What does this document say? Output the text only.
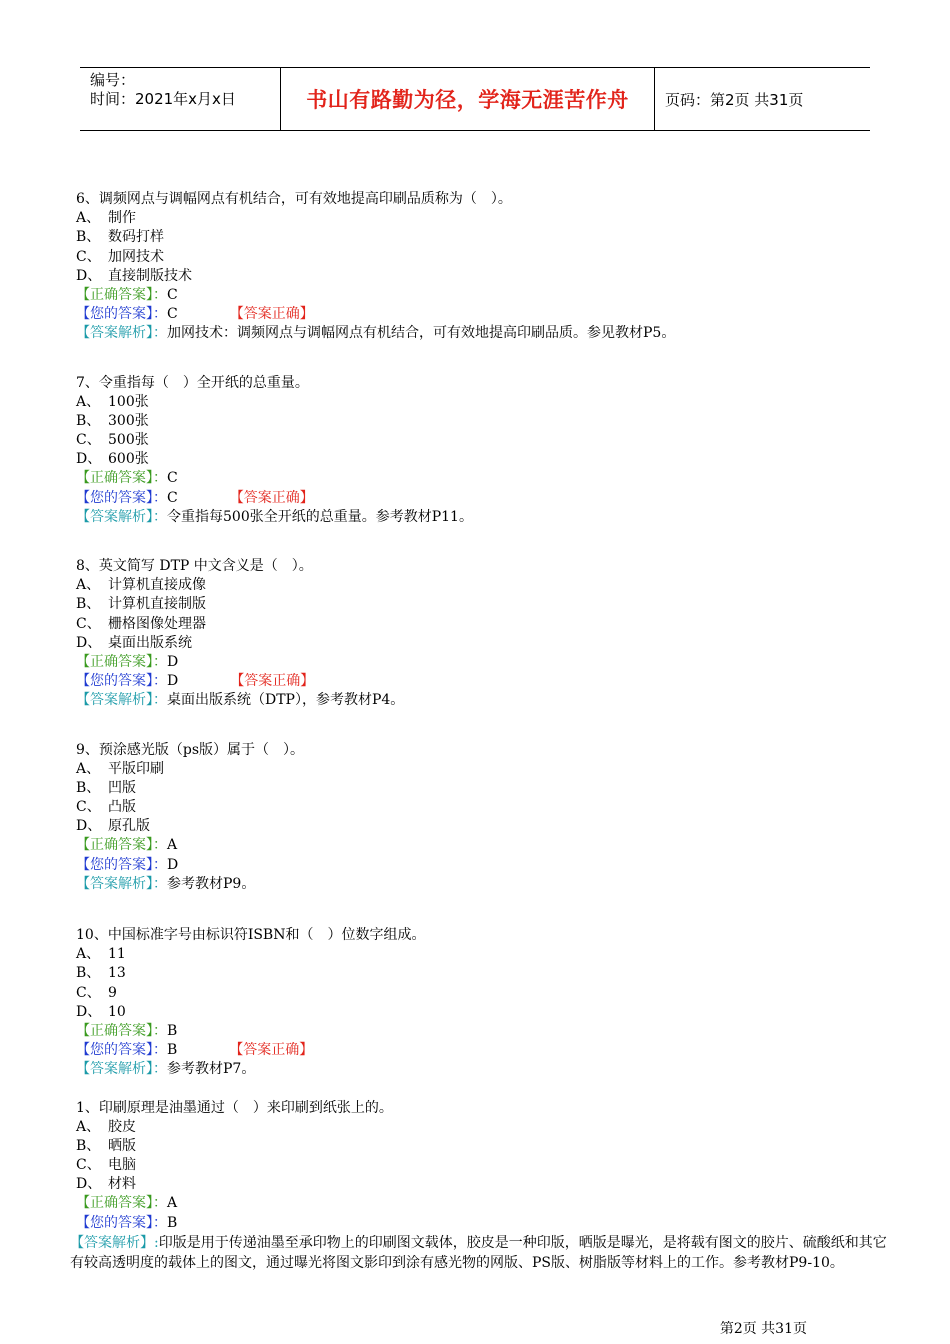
编号：
时间：2021年x月x日	书山有路勤为径，学海无涯苦作舟	页码：第2页 共31页
6、调频网点与调幅网点有机结合，可有效地提高印刷品质称为（　）。
A、 制作
B、 数码打样
C、 加网技术
D、 直接制版技术
【正确答案】：C
【您的答案】：C	【答案正确】
【答案解析】：加网技术：调频网点与调幅网点有机结合，可有效地提高印刷品质。参见教材P5。
7、令重指每（　）全开纸的总重量。
A、 100张
B、 300张
C、 500张
D、 600张
【正确答案】：C
【您的答案】：C	【答案正确】
【答案解析】：令重指每500张全开纸的总重量。参考教材P11。
8、英文简写 DTP 中文含义是（　）。
A、 计算机直接成像
B、 计算机直接制版
C、 栅格图像处理器
D、 桌面出版系统
【正确答案】：D
【您的答案】：D	【答案正确】
【答案解析】：桌面出版系统（DTP），参考教材P4。
9、预涂感光版（ps版）属于（　）。
A、 平版印刷
B、 凹版
C、 凸版
D、 原孔版
【正确答案】：A
【您的答案】：D
【答案解析】：参考教材P9。
10、中国标准字号由标识符ISBN和（　）位数字组成。
A、 11
B、 13
C、 9
D、 10
【正确答案】：B
【您的答案】：B	【答案正确】
【答案解析】：参考教材P7。
1、印刷原理是油墨通过（　）来印刷到纸张上的。
A、 胶皮
B、 晒版
C、 电脑
D、 材料
【正确答案】：A
【您的答案】：B
【答案解析】:印版是用于传递油墨至承印物上的印刷图文载体，胶皮是一种印版，晒版是曝光，是将载有图文的胶片、硫酸纸和其它有较高透明度的载体上的图文，通过曝光将图文影印到涂有感光物的网版、PS版、树脂版等材料上的工作。参考教材P9-10。
第2页 共31页
